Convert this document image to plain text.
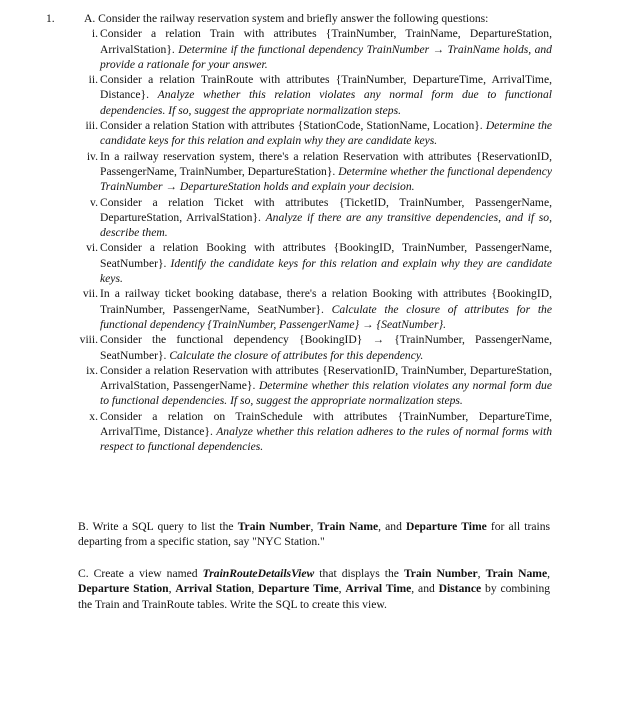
1.	A. Consider the railway reservation system and briefly answer the following questions:
i. Consider a relation Train with attributes {TrainNumber, TrainName, DepartureStation, ArrivalStation}. Determine if the functional dependency TrainNumber → TrainName holds, and provide a rationale for your answer.
ii. Consider a relation TrainRoute with attributes {TrainNumber, DepartureTime, ArrivalTime, Distance}. Analyze whether this relation violates any normal form due to functional dependencies. If so, suggest the appropriate normalization steps.
iii. Consider a relation Station with attributes {StationCode, StationName, Location}. Determine the candidate keys for this relation and explain why they are candidate keys.
iv. In a railway reservation system, there's a relation Reservation with attributes {ReservationID, PassengerName, TrainNumber, DepartureStation}. Determine whether the functional dependency TrainNumber → DepartureStation holds and explain your decision.
v. Consider a relation Ticket with attributes {TicketID, TrainNumber, PassengerName, DepartureStation, ArrivalStation}. Analyze if there are any transitive dependencies, and if so, describe them.
vi. Consider a relation Booking with attributes {BookingID, TrainNumber, PassengerName, SeatNumber}. Identify the candidate keys for this relation and explain why they are candidate keys.
vii. In a railway ticket booking database, there's a relation Booking with attributes {BookingID, TrainNumber, PassengerName, SeatNumber}. Calculate the closure of attributes for the functional dependency {TrainNumber, PassengerName} → {SeatNumber}.
viii. Consider the functional dependency {BookingID} → {TrainNumber, PassengerName, SeatNumber}. Calculate the closure of attributes for this dependency.
ix. Consider a relation Reservation with attributes {ReservationID, TrainNumber, DepartureStation, ArrivalStation, PassengerName}. Determine whether this relation violates any normal form due to functional dependencies. If so, suggest the appropriate normalization steps.
x. Consider a relation on TrainSchedule with attributes {TrainNumber, DepartureTime, ArrivalTime, Distance}. Analyze whether this relation adheres to the rules of normal forms with respect to functional dependencies.
B. Write a SQL query to list the Train Number, Train Name, and Departure Time for all trains departing from a specific station, say "NYC Station."
C. Create a view named TrainRouteDetailsView that displays the Train Number, Train Name, Departure Station, Arrival Station, Departure Time, Arrival Time, and Distance by combining the Train and TrainRoute tables. Write the SQL to create this view.
